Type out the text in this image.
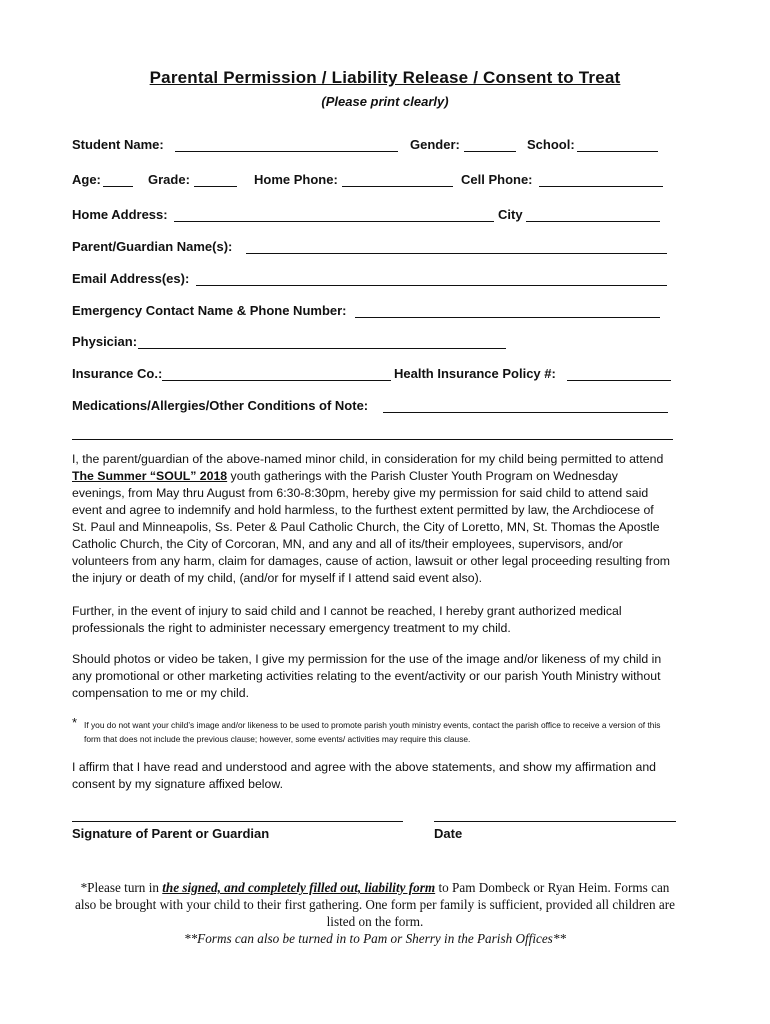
Parental Permission / Liability Release / Consent to Treat
(Please print clearly)
Student Name:	Gender:	School:
Age:	Grade:	Home Phone:	Cell Phone:
Home Address:	City
Parent/Guardian Name(s):
Email Address(es):
Emergency Contact Name & Phone Number:
Physician:
Insurance Co.:	Health Insurance Policy #:
Medications/Allergies/Other Conditions of Note:
I, the parent/guardian of the above-named minor child, in consideration for my child being permitted to attend The Summer “SOUL” 2018 youth gatherings with the Parish Cluster Youth Program on Wednesday evenings, from May thru August from 6:30-8:30pm, hereby give my permission for said child to attend said event and agree to indemnify and hold harmless, to the furthest extent permitted by law, the Archdiocese of St. Paul and Minneapolis, Ss. Peter & Paul Catholic Church, the City of Loretto, MN, St. Thomas the Apostle Catholic Church, the City of Corcoran, MN, and any and all of its/their employees, supervisors, and/or volunteers from any harm, claim for damages, cause of action, lawsuit or other legal proceeding resulting from the injury or death of my child, (and/or for myself if I attend said event also).
Further, in the event of injury to said child and I cannot be reached, I hereby grant authorized medical professionals the right to administer necessary emergency treatment to my child.
Should photos or video be taken, I give my permission for the use of the image and/or likeness of my child in any promotional or other marketing activities relating to the event/activity or our parish Youth Ministry without compensation to me or my child.
* If you do not want your child’s image and/or likeness to be used to promote parish youth ministry events, contact the parish office to receive a version of this form that does not include the previous clause; however, some events/ activities may require this clause.
I affirm that I have read and understood and agree with the above statements, and show my affirmation and consent by my signature affixed below.
Signature of Parent or Guardian	Date
*Please turn in the signed, and completely filled out, liability form to Pam Dombeck or Ryan Heim. Forms can also be brought with your child to their first gathering. One form per family is sufficient, provided all children are listed on the form.
**Forms can also be turned in to Pam or Sherry in the Parish Offices**
